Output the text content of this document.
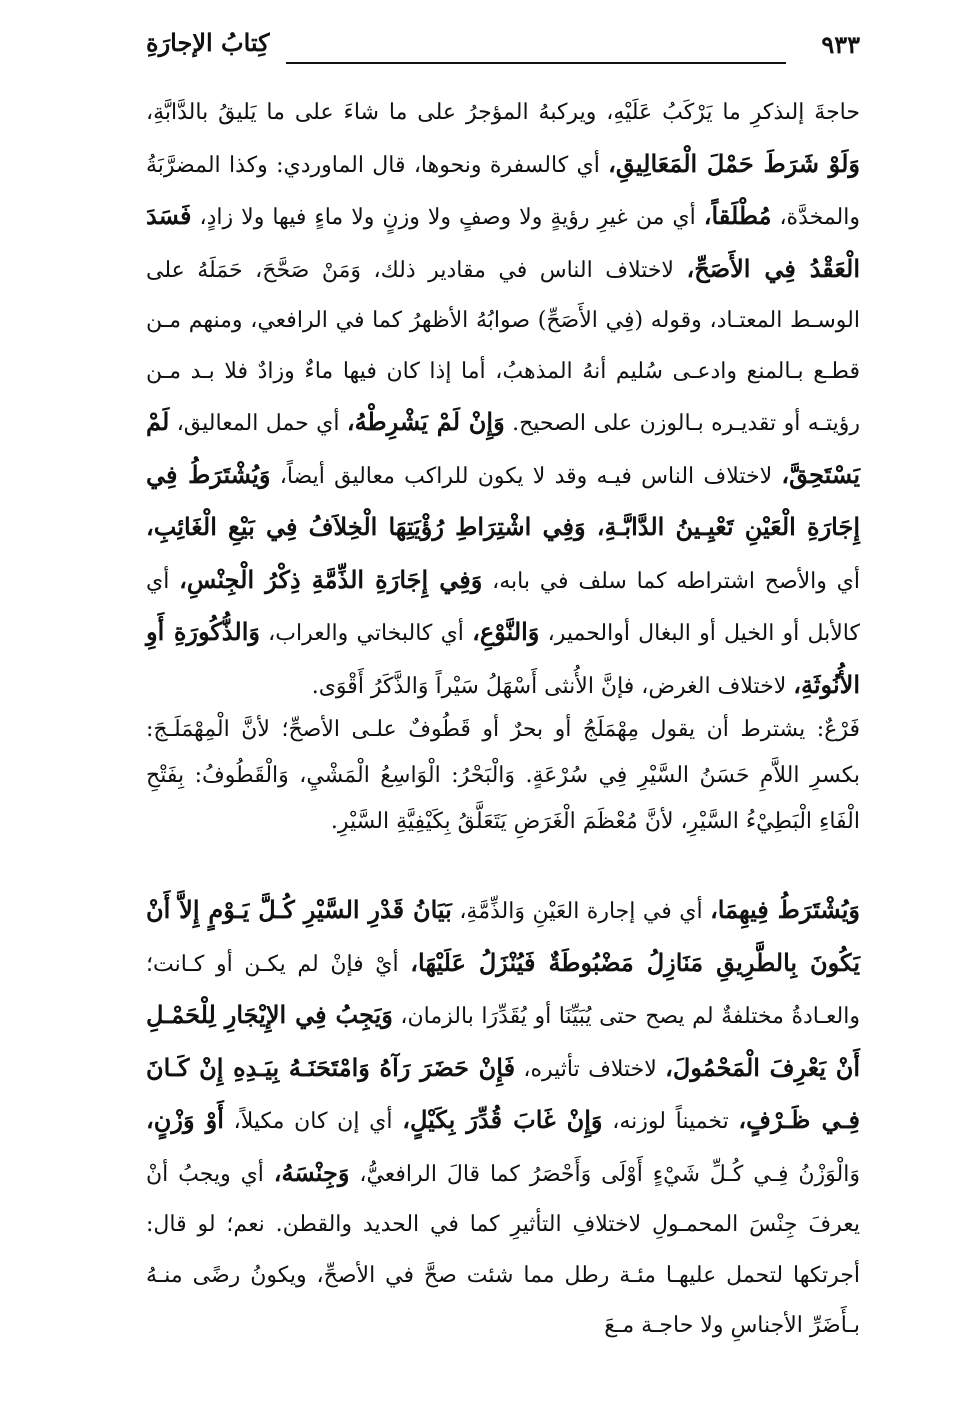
٩٣٣
كِتابُ الإجارَةِ
حاجةَ إلىذكرِ ما يَرْكَبُ عَلَيْهِ، ويركبهُ المؤجرُ على ما شاءَ على ما يَليقُ بالدَّابَّةِ، وَلَوْ شَرَطَ حَمْلَ الْمَعَالِيقِ، أي كالسفرة ونحوها، قال الماوردي: وكذا المضرَّبَةُ والمخدَّة، مُطْلَقاً، أي من غيرِ رؤيةٍ ولا وصفٍ ولا وزنٍ ولا ماءٍ فيها ولا زادٍ، فَسَدَ الْعَقْدُ فِي الأَصَحِّ، لاختلاف الناس في مقادير ذلك، وَمَنْ صَحَّحَ، حَمَلَهُ على الوسـط المعتـاد، وقوله (فِي الأَصَحِّ) صوابُهُ الأظهرُ كما في الرافعي، ومنهم مـن قطـع بـالمنع وادعـى سُليم أنهُ المذهبُ، أما إذا كان فيها ماءٌ وزادٌ فلا بـد مـن رؤيتـه أو تقديـره بـالوزن على الصحيح. وَإِنْ لَمْ يَشْرِطْهُ، أي حمل المعاليق، لَمْ يَسْتَحِقَّ، لاختلاف الناس فيـه وقد لا يكون للراكب معاليق أيضاً، وَيُشْتَرَطُ فِي إِجَارَةِ الْعَيْنِ تَعْيِـينُ الدَّابَّـةِ، وَفِي اشْتِرَاطِ رُؤْيَتِهَا الْخِلاَفُ فِي بَيْعِ الْغَائِبِ، أي والأصح اشتراطه كما سلف في بابه، وَفِي إِجَارَةِ الذِّمَّةِ ذِكْرُ الْجِنْسِ، أي كالأبل أو الخيل أو البغال أوالحمير، وَالنَّوْعِ، أي كالبخاتي والعراب، وَالذُّكُورَةِ أَوِ الأُنُوثَةِ، لاختلاف الغرض، فإنَّ الأُنثى أَسْهَلُ سَيْراً وَالذَّكَرُ أَقْوَى.
فَرْعٌ: يشترط أن يقول مِهْمَلَجُ أو بحرٌ أو قَطُوفٌ علـى الأصحِّ؛ لأنَّ الْمِهْمَلَـجَ: بكسرِ اللاَّمِ حَسَنُ السَّيْرِ فِي سُرْعَةٍ. وَالْبَحْرُ: الْوَاسِعُ الْمَشْيِ، وَالْقَطُوفُ: بِفَتْحِ الْفَاءِ الْبَطِيْءُ السَّيْرِ، لأنَّ مُعْظَمَ الْغَرَضِ يَتَعَلَّقُ بِكَيْفِيَّةِ السَّيْرِ.
وَيُشْتَرَطُ فِيهِمَا، أي في إجارة العَيْنِ وَالذِّمَّةِ، بَيَانُ قَدْرِ السَّيْرِ كُـلَّ يَـوْمٍ إِلاَّ أَنْ يَكُونَ بِالطَّرِيقِ مَنَازِلُ مَضْبُوطَةٌ فَيُنْزَلُ عَلَيْهَا، أيْ فإنْ لم يكـن أو كـانت؛ والعـادةُ مختلفةٌ لم يصح حتى يُبَيِّنَا أو يُقَدِّرَا بالزمان، وَيَجِبُ فِي الإِيْجَارِ لِلْحَمْـلِ أَنْ يَعْرِفَ الْمَحْمُولَ، لاختلاف تأثيره، فَإِنْ حَضَرَ رَآهُ وَامْتَحَنَـهُ بِيَـدِهِ إِنْ كَـانَ فِـي ظَـرْفٍ، تخميناً لوزنه، وَإِنْ غَابَ قُدِّرَ بِكَيْلٍ، أي إن كان مكيلاً، أَوْ وَزْنٍ، وَالْوَزْنُ فِـي كُـلِّ شَيْءٍ أَوْلَى وَأَحْصَرُ كما قالَ الرافعيُّ، وَجِنْسَهُ، أي ويجبُ أنْ يعرفَ جِنْسَ المحمـولِ لاختلافِ التأثيرِ كما في الحديد والقطن. نعم؛ لو قال: أجرتكها لتحمل عليهـا مئـة رطل مما شئت صحَّ في الأصحِّ، ويكونُ رضًى منـهُ بـأَضَرِّ الأجناسِ ولا حاجـة مـعَ
